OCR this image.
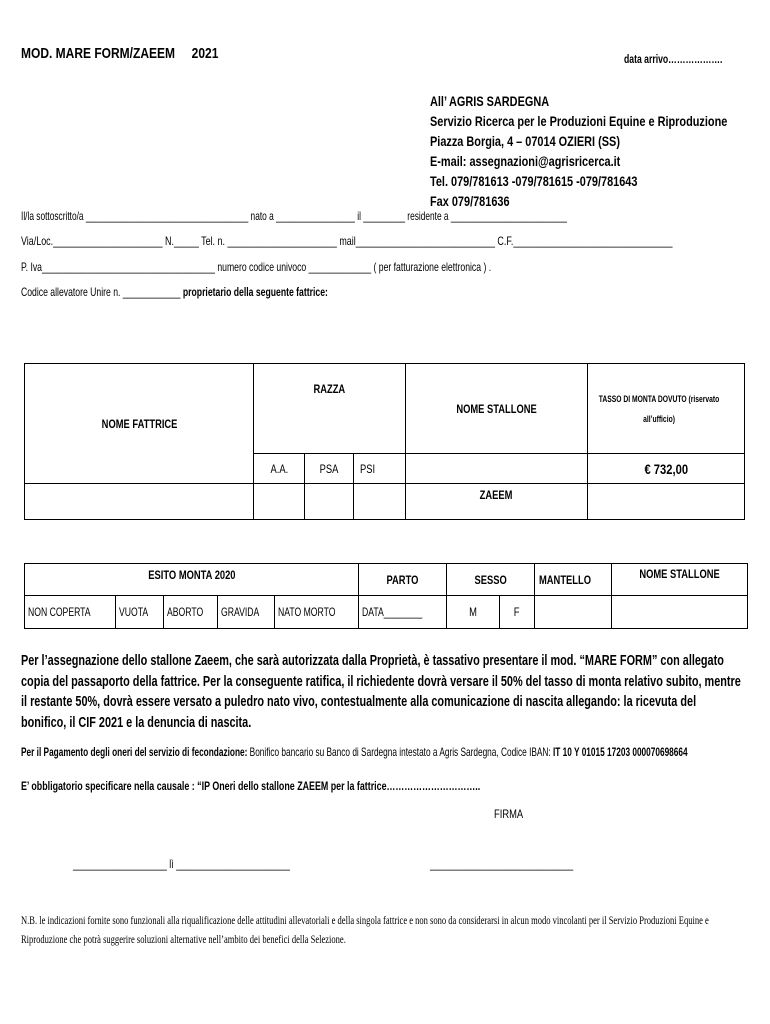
MOD. MARE FORM/ZAEEM 2021	data arrivo……………….
All’ AGRIS SARDEGNA
Servizio Ricerca per le Produzioni Equine e Riproduzione
Piazza Borgia, 4 – 07014 OZIERI (SS)
E-mail: assegnazioni@agrisricerca.it
Tel. 079/781613 -079/781615 -079/781643
Fax 079/781636
Il/la sottoscritto/a ___________________________________ nato a _________________ il _________ residente a _________________________
Via/Loc.______________________ N._____ Tel. n. ______________________ mail____________________________ C.F.________________________________
P. Iva____________________________________ numero codice univoco _____________ ( per fatturazione elettronica ) .
Codice allevatore Unire n. ____________ proprietario della seguente fattrice:
NOME FATTRICE	RAZZA			NOME STALLONE	TASSO DI MONTA DOVUTO (riservato all’ufficio)
	A.A.	PSA	PSI		€ 732,00
				ZAEEM	
ESITO MONTA 2020					PARTO	SESSO		MANTELLO	NOME STALLONE
NON COPERTA	VUOTA	ABORTO	GRAVIDA	NATO MORTO	DATA________	M	F		
Per l’assegnazione dello stallone Zaeem, che sarà autorizzata dalla Proprietà, è tassativo presentare il mod. “MARE FORM” con allegato copia del passaporto della fattrice. Per la conseguente ratifica, il richiedente dovrà versare il 50% del tasso di monta relativo subito, mentre il restante 50%, dovrà essere versato a puledro nato vivo, contestualmente alla comunicazione di nascita allegando: la ricevuta del bonifico, il CIF 2021 e la denuncia di nascita.
Per il Pagamento degli oneri del servizio di fecondazione: Bonifico bancario su Banco di Sardegna intestato a Agris Sardegna, Codice IBAN: IT 10 Y 01015 17203 000070698664
E’ obbligatorio specificare nella causale : “IP Oneri dello stallone ZAEEM per la fattrice…………………………..
FIRMA
___________________ lì _______________________	_____________________________
N.B. le indicazioni fornite sono funzionali alla riqualificazione delle attitudini allevatoriali e della singola fattrice e non sono da considerarsi in alcun modo vincolanti per il Servizio Produzioni Equine e Riproduzione che potrà suggerire soluzioni alternative nell’ambito dei benefici della Selezione.
